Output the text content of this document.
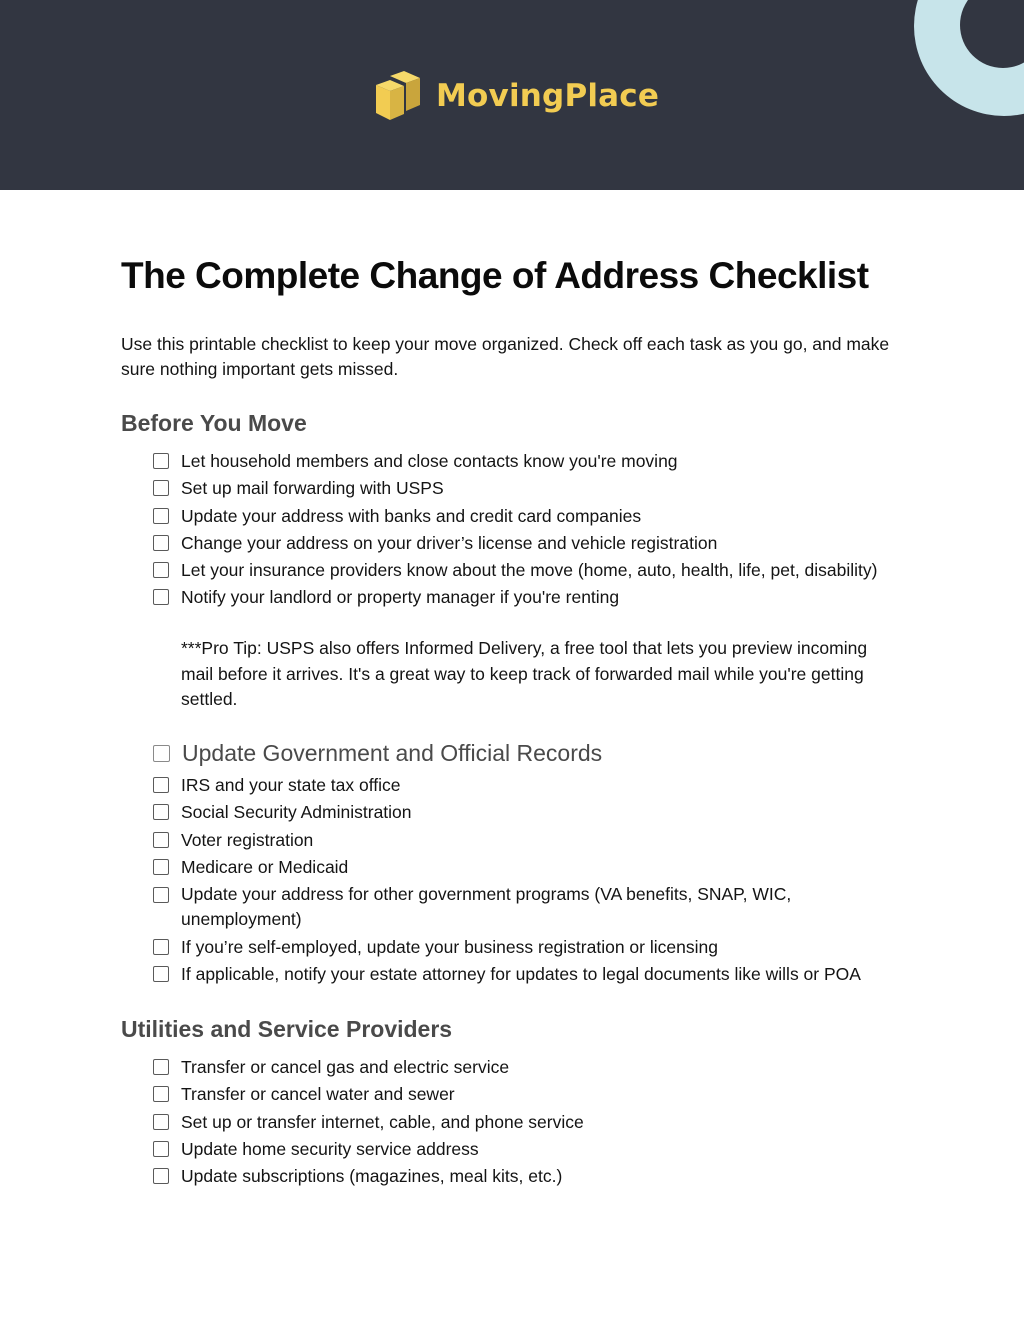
MovingPlace
The Complete Change of Address Checklist

Use this printable checklist to keep your move organized. Check off each task as you go, and make sure nothing important gets missed.

Before You Move
Let household members and close contacts know you're moving
Set up mail forwarding with USPS
Update your address with banks and credit card companies
Change your address on your driver’s license and vehicle registration
Let your insurance providers know about the move (home, auto, health, life, pet, disability)
Notify your landlord or property manager if you're renting

***Pro Tip: USPS also offers Informed Delivery, a free tool that lets you preview incoming mail before it arrives. It's a great way to keep track of forwarded mail while you're getting settled.

Update Government and Official Records
IRS and your state tax office
Social Security Administration
Voter registration
Medicare or Medicaid
Update your address for other government programs (VA benefits, SNAP, WIC, unemployment)
If you’re self-employed, update your business registration or licensing
If applicable, notify your estate attorney for updates to legal documents like wills or POA
Utilities and Service Providers
Transfer or cancel gas and electric service
Transfer or cancel water and sewer
Set up or transfer internet, cable, and phone service
Update home security service address
Update subscriptions (magazines, meal kits, etc.)
